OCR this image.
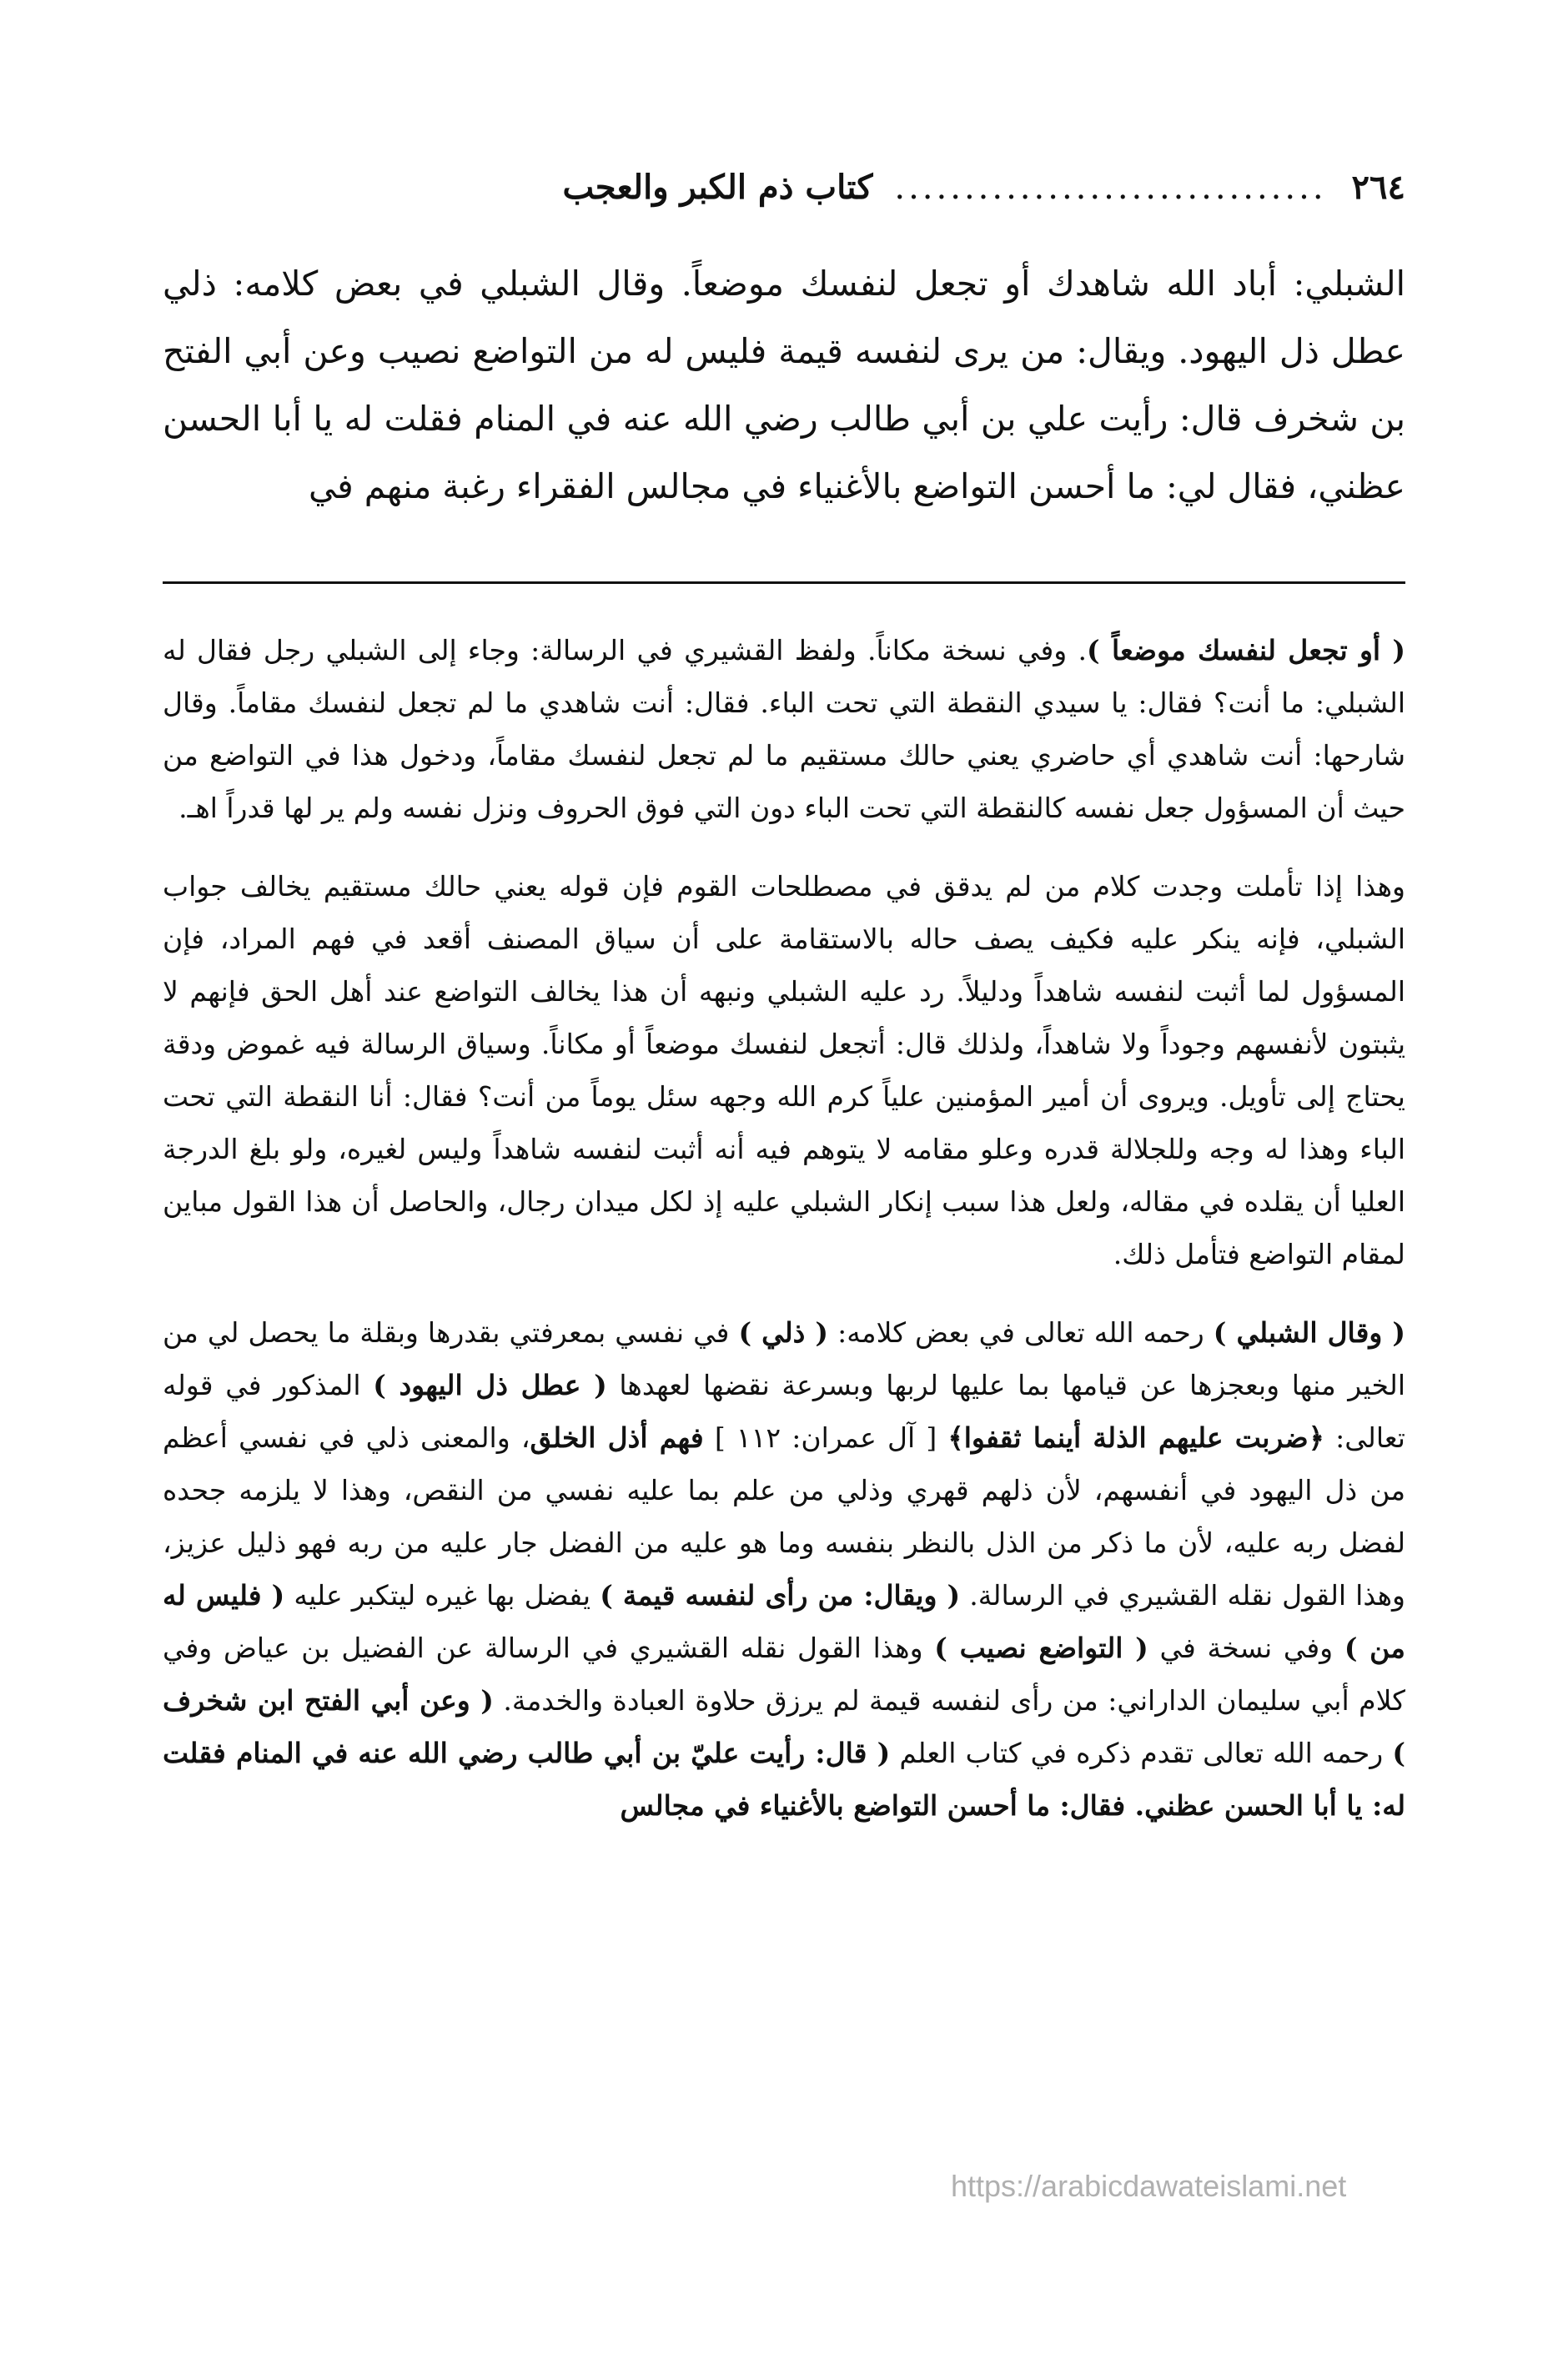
٢٦٤
...............................
كتاب ذم الكبر والعجب

الشبلي: أباد الله شاهدك أو تجعل لنفسك موضعاً. وقال الشبلي في بعض كلامه: ذلي عطل ذل اليهود. ويقال: من يرى لنفسه قيمة فليس له من التواضع نصيب وعن أبي الفتح بن شخرف قال: رأيت علي بن أبي طالب رضي الله عنه في المنام فقلت له يا أبا الحسن عظني، فقال لي: ما أحسن التواضع بالأغنياء في مجالس الفقراء رغبة منهم في

( أو تجعل لنفسك موضعاً ). وفي نسخة مكاناً. ولفظ القشيري في الرسالة: وجاء إلى الشبلي رجل فقال له الشبلي: ما أنت؟ فقال: يا سيدي النقطة التي تحت الباء. فقال: أنت شاهدي ما لم تجعل لنفسك مقاماً. وقال شارحها: أنت شاهدي أي حاضري يعني حالك مستقيم ما لم تجعل لنفسك مقاماً، ودخول هذا في التواضع من حيث أن المسؤول جعل نفسه كالنقطة التي تحت الباء دون التي فوق الحروف ونزل نفسه ولم ير لها قدراً اهـ.

وهذا إذا تأملت وجدت كلام من لم يدقق في مصطلحات القوم فإن قوله يعني حالك مستقيم يخالف جواب الشبلي، فإنه ينكر عليه فكيف يصف حاله بالاستقامة على أن سياق المصنف أقعد في فهم المراد، فإن المسؤول لما أثبت لنفسه شاهداً ودليلاً. رد عليه الشبلي ونبهه أن هذا يخالف التواضع عند أهل الحق فإنهم لا يثبتون لأنفسهم وجوداً ولا شاهداً، ولذلك قال: أتجعل لنفسك موضعاً أو مكاناً. وسياق الرسالة فيه غموض ودقة يحتاج إلى تأويل. ويروى أن أمير المؤمنين علياً كرم الله وجهه سئل يوماً من أنت؟ فقال: أنا النقطة التي تحت الباء وهذا له وجه وللجلالة قدره وعلو مقامه لا يتوهم فيه أنه أثبت لنفسه شاهداً وليس لغيره، ولو بلغ الدرجة العليا أن يقلده في مقاله، ولعل هذا سبب إنكار الشبلي عليه إذ لكل ميدان رجال، والحاصل أن هذا القول مباين لمقام التواضع فتأمل ذلك.

( وقال الشبلي ) رحمه الله تعالى في بعض كلامه: ( ذلي ) في نفسي بمعرفتي بقدرها وبقلة ما يحصل لي من الخير منها وبعجزها عن قيامها بما عليها لربها وبسرعة نقضها لعهدها ( عطل ذل اليهود ) المذكور في قوله تعالى: ﴿ضربت عليهم الذلة أينما ثقفوا﴾ [ آل عمران: ١١٢ ] فهم أذل الخلق، والمعنى ذلي في نفسي أعظم من ذل اليهود في أنفسهم، لأن ذلهم قهري وذلي من علم بما عليه نفسي من النقص، وهذا لا يلزمه جحده لفضل ربه عليه، لأن ما ذكر من الذل بالنظر بنفسه وما هو عليه من الفضل جار عليه من ربه فهو ذليل عزيز، وهذا القول نقله القشيري في الرسالة. ( ويقال: من رأى لنفسه قيمة ) يفضل بها غيره ليتكبر عليه ( فليس له من ) وفي نسخة في ( التواضع نصيب ) وهذا القول نقله القشيري في الرسالة عن الفضيل بن عياض وفي كلام أبي سليمان الداراني: من رأى لنفسه قيمة لم يرزق حلاوة العبادة والخدمة. ( وعن أبي الفتح ابن شخرف ) رحمه الله تعالى تقدم ذكره في كتاب العلم ( قال: رأيت عليّ بن أبي طالب رضي الله عنه في المنام فقلت له: يا أبا الحسن عظني. فقال: ما أحسن التواضع بالأغنياء في مجالس

https://arabicdawateislami.net
